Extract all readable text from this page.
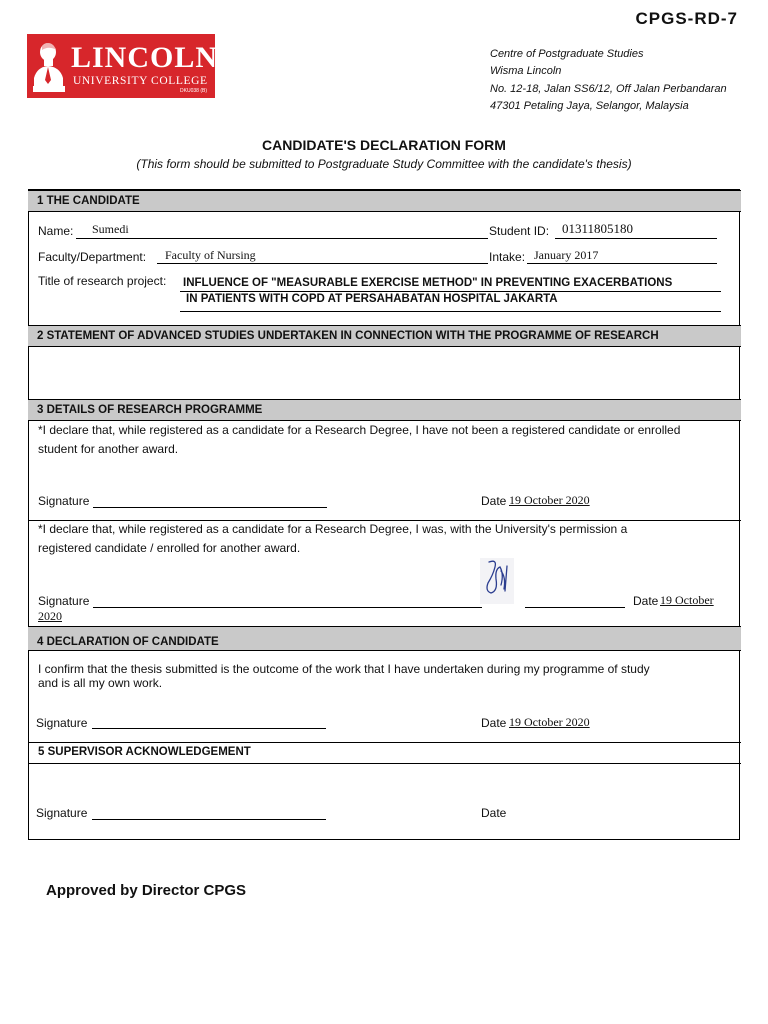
CPGS-RD-7
LINCOLN
UNIVERSITY COLLEGE
DKU038 (B)
Centre of Postgraduate Studies
Wisma Lincoln
No. 12-18, Jalan SS6/12, Off Jalan Perbandaran
47301 Petaling Jaya, Selangor, Malaysia
CANDIDATE'S DECLARATION FORM
(This form should be submitted to Postgraduate Study Committee with the candidate's thesis)
1 THE CANDIDATE
Name: Sumedi	Student ID: 01311805180
Faculty/Department: Faculty of Nursing	Intake: January 2017
Title of research project: INFLUENCE OF "MEASURABLE EXERCISE METHOD" IN PREVENTING EXACERBATIONS
IN PATIENTS WITH COPD AT PERSAHABATAN HOSPITAL JAKARTA
2 STATEMENT OF ADVANCED STUDIES UNDERTAKEN IN CONNECTION WITH THE PROGRAMME OF RESEARCH
3 DETAILS OF RESEARCH PROGRAMME
*I declare that, while registered as a candidate for a Research Degree, I have not been a registered candidate or enrolled
student for another award.
Signature	Date 19 October 2020
*I declare that, while registered as a candidate for a Research Degree, I was, with the University's permission a
registered candidate / enrolled for another award.
Signature	Date 19 October
2020
4 DECLARATION OF CANDIDATE
I confirm that the thesis submitted is the outcome of the work that I have undertaken during my programme of study
and is all my own work.
Signature	Date 19 October 2020
5 SUPERVISOR ACKNOWLEDGEMENT
Signature	Date
Approved by Director CPGS
